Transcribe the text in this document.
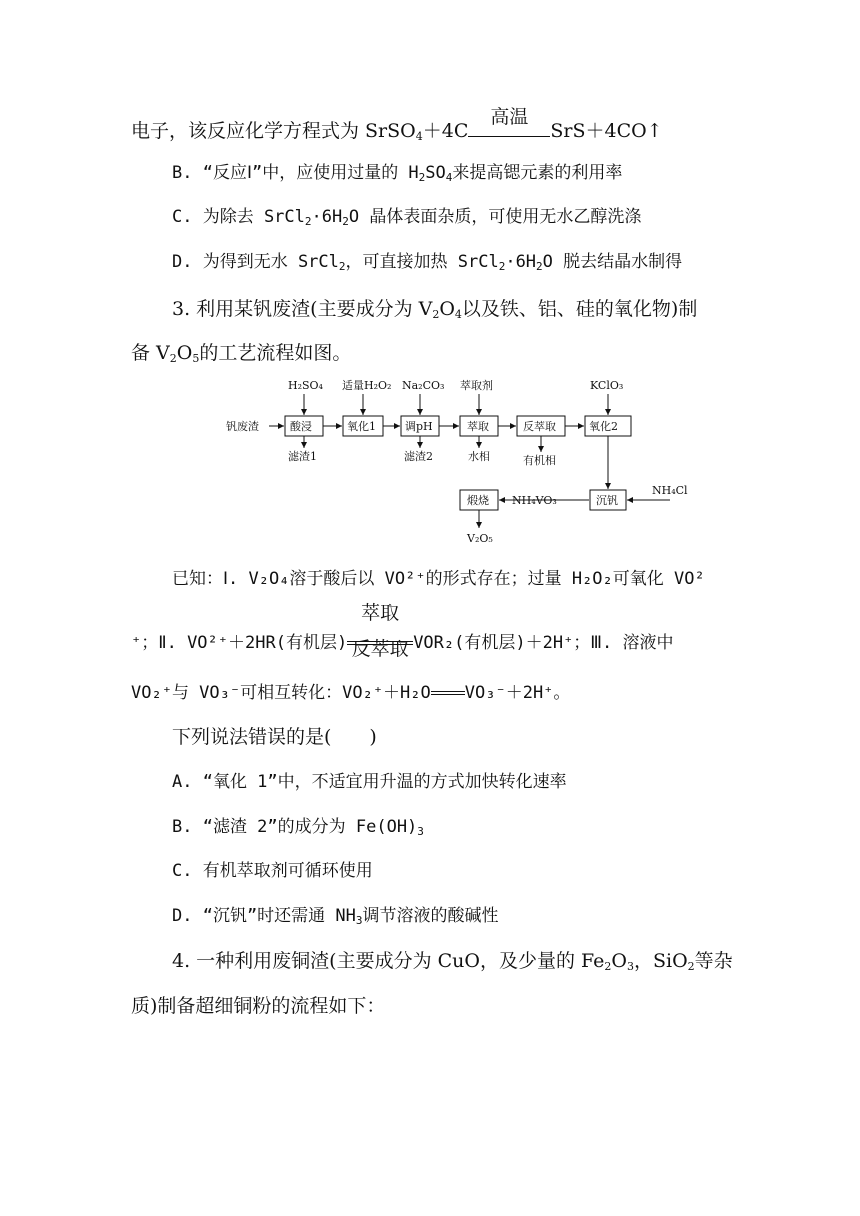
电子，该反应化学方程式为 SrSO$_4$＋4C
高温
SrS＋4CO↑
B. “反应Ⅰ”中，应使用过量的 $H_2SO_4$来提高锶元素的利用率
C. 为除去 $SrCl_2\cdot 6H_2O$ 晶体表面杂质，可使用无水乙醇洗涤
D. 为得到无水 SrCl$_2$，可直接加热 $SrCl_2\cdot 6H_2O$ 脱去结晶水制得
3. 利用某钒废渣(主要成分为 $V_2O_4$以及铁、铝、硅的氧化物)制
备 $V_2O_5$的工艺流程如图。
钒废渣	酸浸	氧化1	调pH	萃取	反萃取	氧化2
沉钒
煅烧
H₂SO₄ 适量H₂O₂ Na₂CO₃ 萃取剂	KClO₃
NH₄Cl
NH₄VO₃
滤渣1	滤渣2	水相	有机相
V₂O₅
已知：Ⅰ. V₂O₄溶于酸后以 VO²⁺的形式存在；过量 H₂O₂可氧化 VO²
⁺；Ⅱ. VO²⁺＋2HR(有机层)
萃取
反萃取 VOR₂(有机层)＋2H⁺；Ⅲ. 溶液中
VO₂⁺与 VO₃⁻可相互转化：VO₂⁺＋H₂O VO₃⁻＋2H⁺。
下列说法错误的是(　　)
A. “氧化 1”中，不适宜用升温的方式加快转化速率
B. “滤渣 2”的成分为 $Fe(OH)_3$
C. 有机萃取剂可循环使用
D. “沉钒”时还需通 $NH_3$调节溶液的酸碱性
4. 一种利用废铜渣(主要成分为 CuO，及少量的 $Fe_2O_3$，SiO$_2$等杂
质)制备超细铜粉的流程如下：
